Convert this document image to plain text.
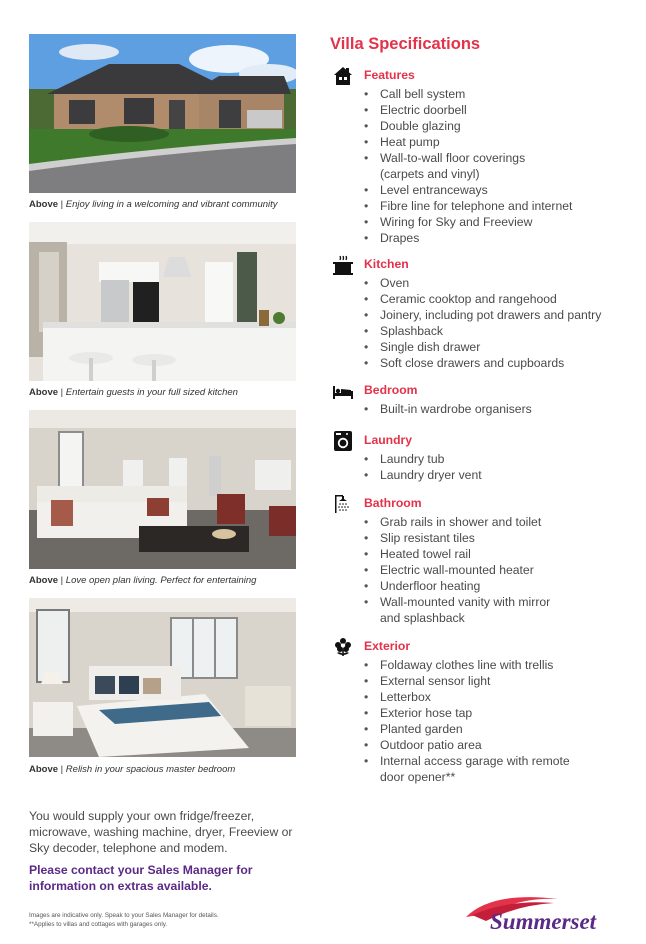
Above | Enjoy living in a welcoming and vibrant community
Above | Entertain guests in your full sized kitchen
Above | Love open plan living. Perfect for entertaining
Above | Relish in your spacious master bedroom
You would supply your own fridge/freezer, microwave, washing machine, dryer, Freeview or Sky decoder, telephone and modem.
Please contact your Sales Manager for information on extras available.
Images are indicative only. Speak to your Sales Manager for details.
**Applies to villas and cottages with garages only.
Villa Specifications
Features
• Call bell system
• Electric doorbell
• Double glazing
• Heat pump
• Wall-to-wall floor coverings
(carpets and vinyl)
• Level entranceways
• Fibre line for telephone and internet
• Wiring for Sky and Freeview
• Drapes
Kitchen
• Oven
• Ceramic cooktop and rangehood
• Joinery, including pot drawers and pantry
• Splashback
• Single dish drawer
• Soft close drawers and cupboards
Bedroom
• Built-in wardrobe organisers
Laundry
• Laundry tub
• Laundry dryer vent
Bathroom
• Grab rails in shower and toilet
• Slip resistant tiles
• Heated towel rail
• Electric wall-mounted heater
• Underfloor heating
• Wall-mounted vanity with mirror
and splashback
Exterior
• Foldaway clothes line with trellis
• External sensor light
• Letterbox
• Exterior hose tap
• Planted garden
• Outdoor patio area
• Internal access garage with remote
door opener**
Summerset
